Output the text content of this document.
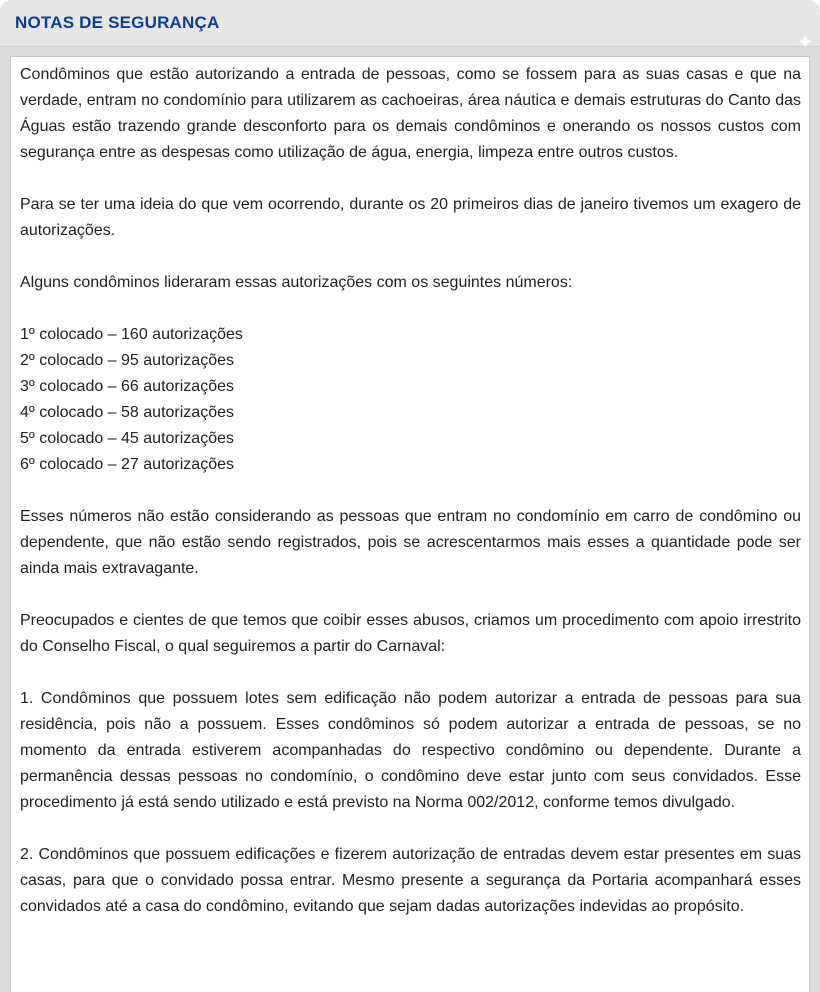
NOTAS DE SEGURANÇA
✦

Condôminos que estão autorizando a entrada de pessoas, como se fossem para as suas casas e que na verdade, entram no condomínio para utilizarem as cachoeiras, área náutica e demais estruturas do Canto das Águas estão trazendo grande desconforto para os demais condôminos e onerando os nossos custos com segurança entre as despesas como utilização de água, energia, limpeza entre outros custos.

Para se ter uma ideia do que vem ocorrendo, durante os 20 primeiros dias de janeiro tivemos um exagero de autorizações.

Alguns condôminos lideraram essas autorizações com os seguintes números:

1º colocado – 160 autorizações
2º colocado – 95 autorizações
3º colocado – 66 autorizações
4º colocado – 58 autorizações
5º colocado – 45 autorizações
6º colocado – 27 autorizações

Esses números não estão considerando as pessoas que entram no condomínio em carro de condômino ou dependente, que não estão sendo registrados, pois se acrescentarmos mais esses a quantidade pode ser ainda mais extravagante.

Preocupados e cientes de que temos que coibir esses abusos, criamos um procedimento com apoio irrestrito do Conselho Fiscal, o qual seguiremos a partir do Carnaval:

1. Condôminos que possuem lotes sem edificação não podem autorizar a entrada de pessoas para sua residência, pois não a possuem. Esses condôminos só podem autorizar a entrada de pessoas, se no momento da entrada estiverem acompanhadas do respectivo condômino ou dependente. Durante a permanência dessas pessoas no condomínio, o condômino deve estar junto com seus convidados. Esse procedimento já está sendo utilizado e está previsto na Norma 002/2012, conforme temos divulgado.

2. Condôminos que possuem edificações e fizerem autorização de entradas devem estar presentes em suas casas, para que o convidado possa entrar. Mesmo presente a segurança da Portaria acompanhará esses convidados até a casa do condômino, evitando que sejam dadas autorizações indevidas ao propósito.
